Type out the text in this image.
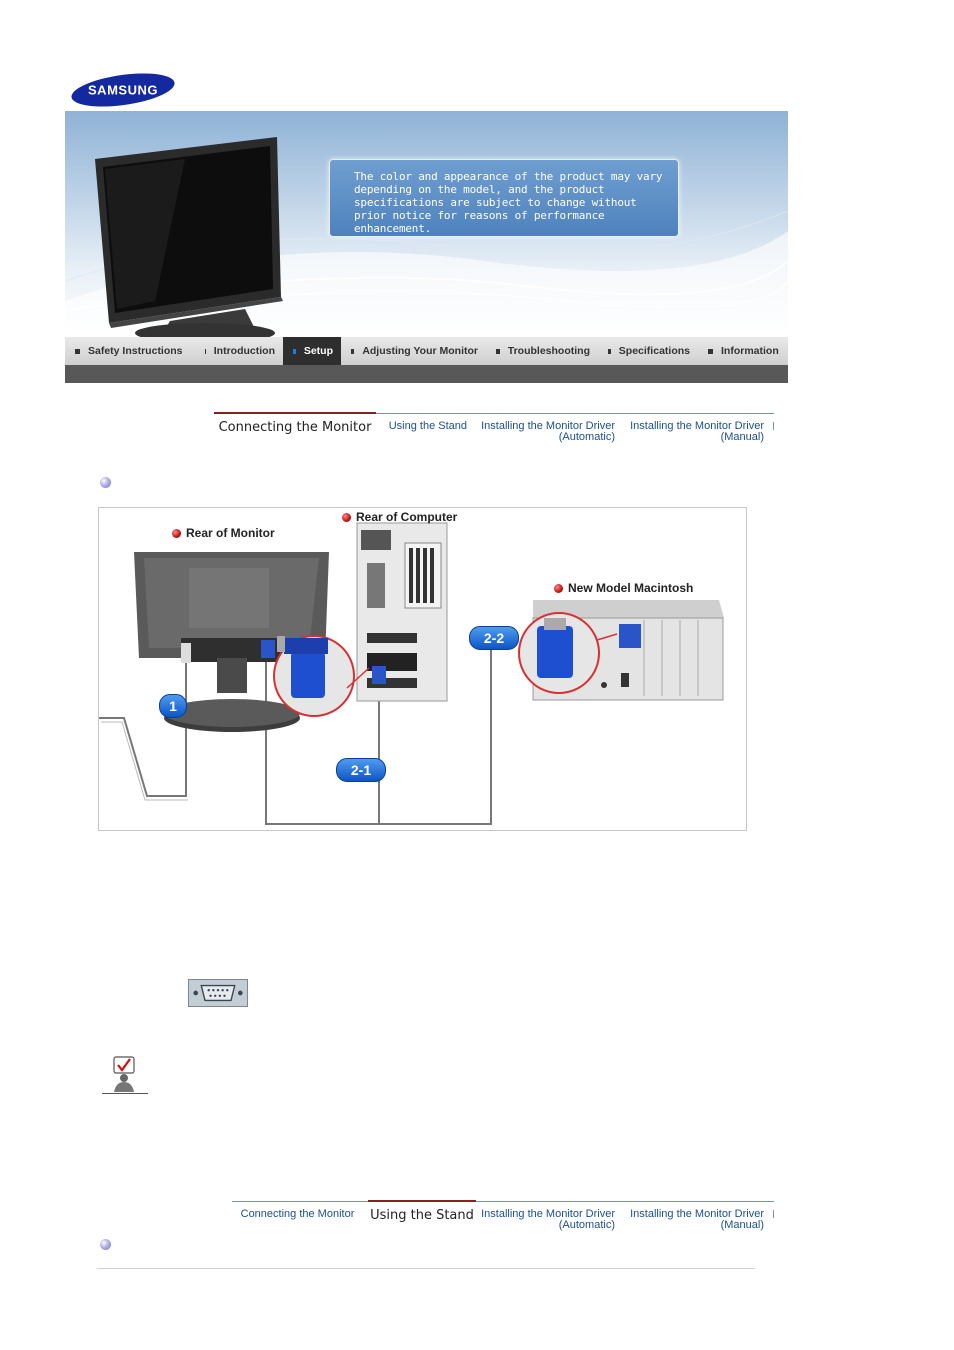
SAMSUNG
The color and appearance of the product may vary depending on the model, and the product specifications are subject to change without prior notice for reasons of performance enhancement.
Safety Instructions	Introduction	Setup	Adjusting Your Monitor	Troubleshooting	Specifications	Information
Connecting the Monitor	Using the Stand Installing the Monitor Driver
(Automatic)
Installing the Monitor Driver
(Manual)
Rear of Monitor
Rear of Computer
New Model Macintosh
1
2-1
2-2
Connecting the Monitor	Using the Stand Installing the Monitor Driver
(Automatic)
Installing the Monitor Driver
(Manual)
